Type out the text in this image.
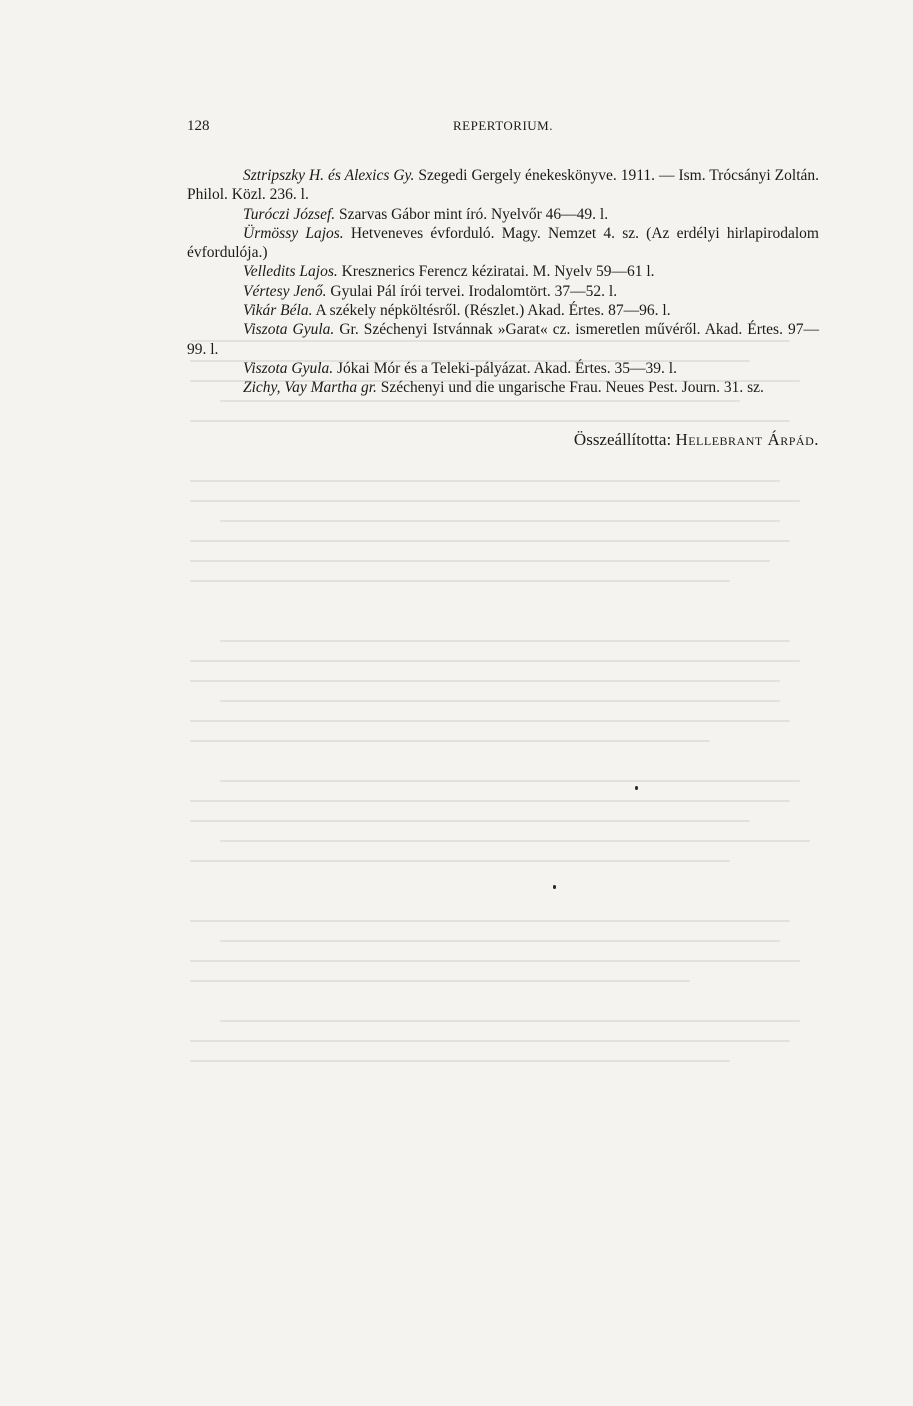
128	REPERTORIUM.

Sztripszky H. és Alexics Gy. Szegedi Gergely énekeskönyve. 1911. — Ism. Trócsányi Zoltán. Philol. Közl. 236. l.

Turóczi József. Szarvas Gábor mint író. Nyelvőr 46—49. l.

Ürmössy Lajos. Hetveneves évforduló. Magy. Nemzet 4. sz. (Az erdélyi hirlapirodalom évfordulója.)

Velledits Lajos. Kresznerics Ferencz kéziratai. M. Nyelv 59—61 l.

Vértesy Jenő. Gyulai Pál írói tervei. Irodalomtört. 37—52. l.

Vikár Béla. A székely népköltésről. (Részlet.) Akad. Értes. 87—96. l.

Viszota Gyula. Gr. Széchenyi Istvánnak »Garat« cz. ismeretlen művéről. Akad. Értes. 97—99. l.

Viszota Gyula. Jókai Mór és a Teleki-pályázat. Akad. Értes. 35—39. l.

Zichy, Vay Martha gr. Széchenyi und die ungarische Frau. Neues Pest. Journ. 31. sz.

Összeállította: Hellebrant Árpád.
